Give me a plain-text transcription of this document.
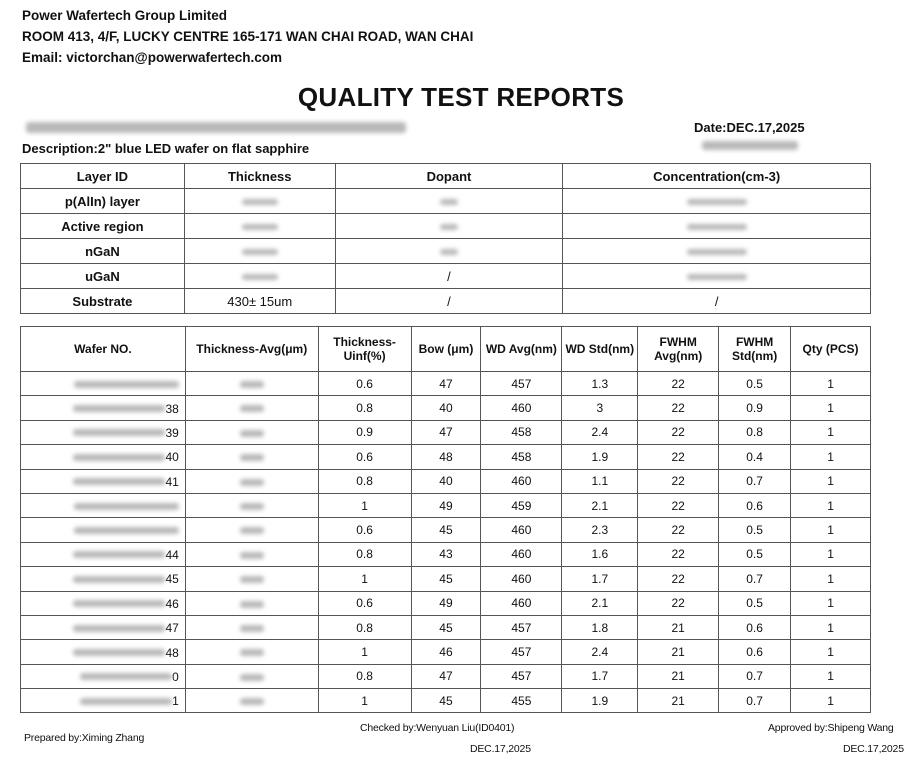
Power Wafertech Group Limited
ROOM 413, 4/F, LUCKY CENTRE 165-171 WAN CHAI ROAD, WAN CHAI
Email: victorchan@powerwafertech.com
QUALITY TEST REPORTS
Description:2" blue LED wafer on flat sapphire
Date:DEC.17,2025
Layer ID	Thickness	Dopant	Concentration(cm-3)
p(AlIn) layer			
Active region			
nGaN			
uGaN		/	
Substrate	430± 15um	/	/
Wafer NO.	Thickness-Avg(μm)	Thickness-Uinf(%)	Bow (μm)	WD Avg(nm)	WD Std(nm)	FWHM Avg(nm)	FWHM Std(nm)	Qty (PCS)
		0.6	47	457	1.3	22	0.5	1
38		0.8	40	460	3	22	0.9	1
39		0.9	47	458	2.4	22	0.8	1
40		0.6	48	458	1.9	22	0.4	1
41		0.8	40	460	1.1	22	0.7	1
		1	49	459	2.1	22	0.6	1
		0.6	45	460	2.3	22	0.5	1
44		0.8	43	460	1.6	22	0.5	1
45		1	45	460	1.7	22	0.7	1
46		0.6	49	460	2.1	22	0.5	1
47		0.8	45	457	1.8	21	0.6	1
48		1	46	457	2.4	21	0.6	1
0		0.8	47	457	1.7	21	0.7	1
1		1	45	455	1.9	21	0.7	1
Prepared by:Ximing Zhang
Checked by:Wenyuan Liu(ID0401)
DEC.17,2025
Approved by:Shipeng Wang
DEC.17,2025
